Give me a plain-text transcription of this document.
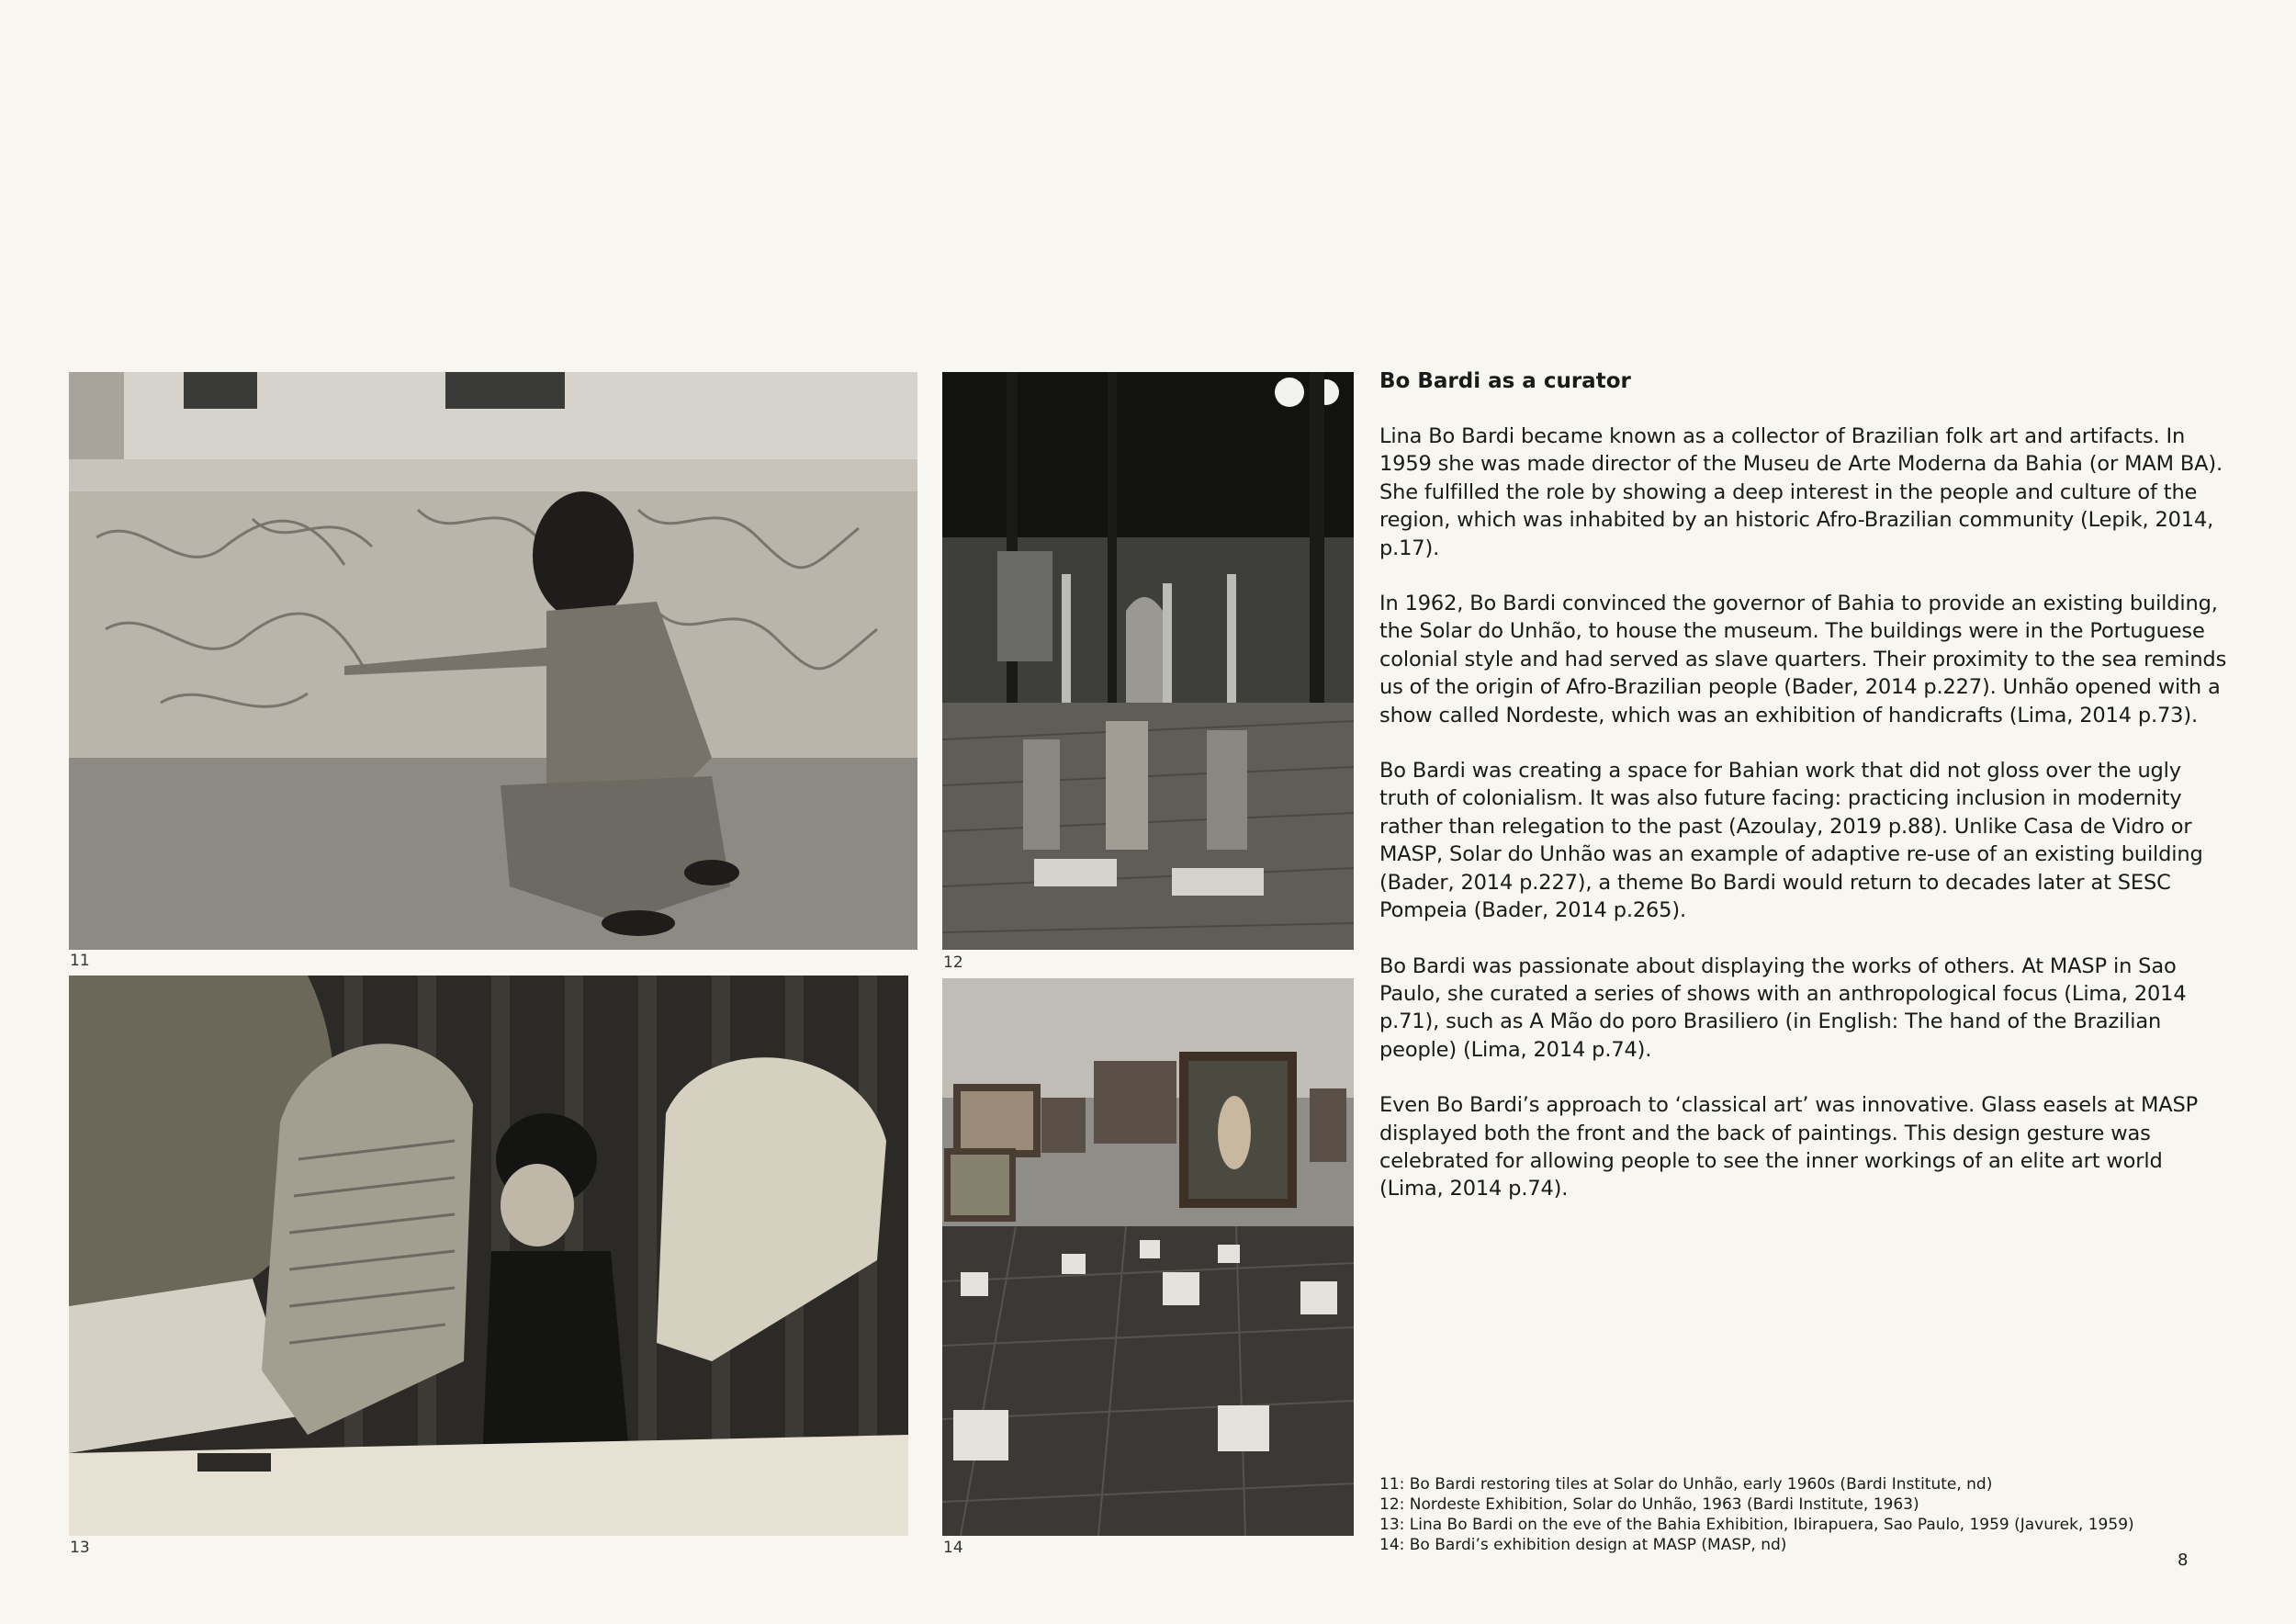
11	12
13	14
Bo Bardi as a curator

Lina Bo Bardi became known as a collector of Brazilian folk art and artifacts. In 1959 she was made director of the Museu de Arte Moderna da Bahia (or MAM BA). She fulfilled the role by showing a deep interest in the people and culture of the region, which was inhabited by an historic Afro-Brazilian community (Lepik, 2014, p.17).

In 1962, Bo Bardi convinced the governor of Bahia to provide an existing building, the Solar do Unhão, to house the museum. The buildings were in the Portuguese colonial style and had served as slave quarters. Their proximity to the sea reminds us of the origin of Afro-Brazilian people (Bader, 2014 p.227). Unhão opened with a show called Nordeste, which was an exhibition of handicrafts (Lima, 2014 p.73).

Bo Bardi was creating a space for Bahian work that did not gloss over the ugly truth of colonialism. It was also future facing: practicing inclusion in modernity rather than relegation to the past (Azoulay, 2019 p.88). Unlike Casa de Vidro or MASP, Solar do Unhão was an example of adaptive re-use of an existing building (Bader, 2014 p.227), a theme Bo Bardi would return to decades later at SESC Pompeia (Bader, 2014 p.265).

Bo Bardi was passionate about displaying the works of others. At MASP in Sao Paulo, she curated a series of shows with an anthropological focus (Lima, 2014 p.71), such as A Mão do poro Brasiliero (in English: The hand of the Brazilian people) (Lima, 2014 p.74).

Even Bo Bardi’s approach to ‘classical art’ was innovative. Glass easels at MASP displayed both the front and the back of paintings. This design gesture was celebrated for allowing people to see the inner workings of an elite art world (Lima, 2014 p.74).

11: Bo Bardi restoring tiles at Solar do Unhão, early 1960s (Bardi Institute, nd)
12: Nordeste Exhibition, Solar do Unhão, 1963 (Bardi Institute, 1963)
13: Lina Bo Bardi on the eve of the Bahia Exhibition, Ibirapuera, Sao Paulo, 1959 (Javurek, 1959)
14: Bo Bardi’s exhibition design at MASP (MASP, nd)
8
